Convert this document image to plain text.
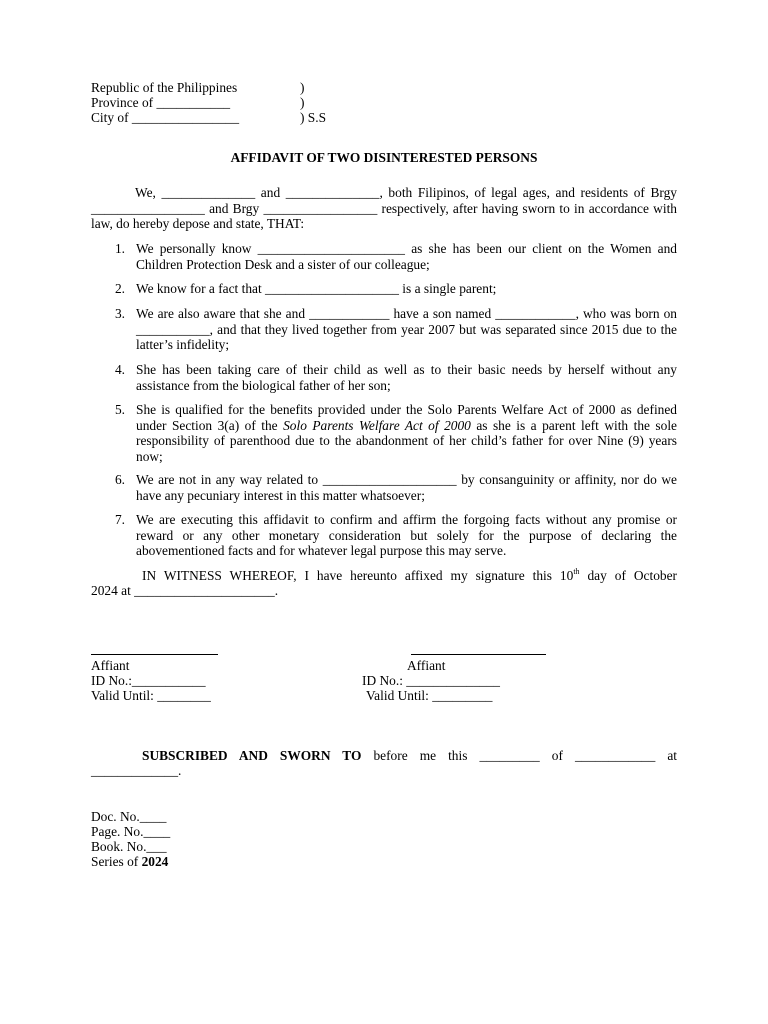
Republic of the Philippines
Province of ___________
City of ________________
)
)
) S.S
AFFIDAVIT OF TWO DISINTERESTED PERSONS
We, ______________ and ______________, both Filipinos, of legal ages, and residents of Brgy _________________ and Brgy _________________ respectively, after having sworn to in accordance with law, do hereby depose and state, THAT:
1. We personally know ______________________ as she has been our client on the Women and Children Protection Desk and a sister of our colleague;
2. We know for a fact that ____________________ is a single parent;
3. We are also aware that she and ____________ have a son named ____________, who was born on ___________, and that they lived together from year 2007 but was separated since 2015 due to the latter’s infidelity;
4. She has been taking care of their child as well as to their basic needs by herself without any assistance from the biological father of her son;
5. She is qualified for the benefits provided under the Solo Parents Welfare Act of 2000 as defined under Section 3(a) of the Solo Parents Welfare Act of 2000 as she is a parent left with the sole responsibility of parenthood due to the abandonment of her child’s father for over Nine (9) years now;
6. We are not in any way related to ____________________ by consanguinity or affinity, nor do we have any pecuniary interest in this matter whatsoever;
7. We are executing this affidavit to confirm and affirm the forgoing facts without any promise or reward or any other monetary consideration but solely for the purpose of declaring the abovementioned facts and for whatever legal purpose this may serve.
IN WITNESS WHEREOF, I have hereunto affixed my signature this 10th day of October
2024 at _____________________.
Affiant
ID No.:___________
Valid Until: ________
Affiant
ID No.: ______________
Valid Until: _________
SUBSCRIBED AND SWORN TO before me this _________ of ____________ at
_____________.
Doc. No.____
Page. No.____
Book. No.___
Series of 2024
